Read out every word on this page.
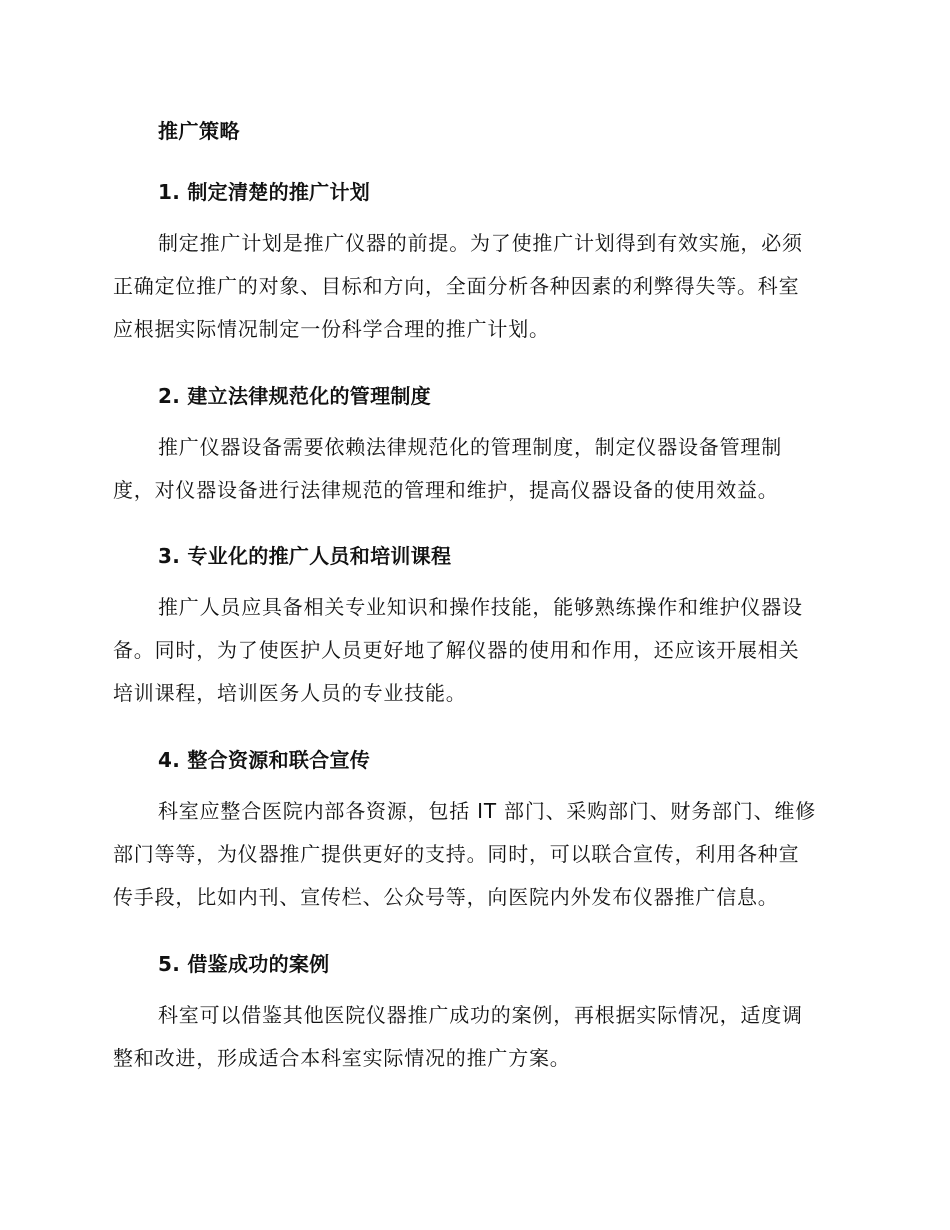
推广策略
1. 制定清楚的推广计划
制定推广计划是推广仪器的前提。为了使推广计划得到有效实施，必须
正确定位推广的对象、目标和方向，全面分析各种因素的利弊得失等。科室
应根据实际情况制定一份科学合理的推广计划。
2. 建立法律规范化的管理制度
推广仪器设备需要依赖法律规范化的管理制度，制定仪器设备管理制
度，对仪器设备进行法律规范的管理和维护，提高仪器设备的使用效益。
3. 专业化的推广人员和培训课程
推广人员应具备相关专业知识和操作技能，能够熟练操作和维护仪器设
备。同时，为了使医护人员更好地了解仪器的使用和作用，还应该开展相关
培训课程，培训医务人员的专业技能。
4. 整合资源和联合宣传
科室应整合医院内部各资源，包括 IT 部门、采购部门、财务部门、维修
部门等等，为仪器推广提供更好的支持。同时，可以联合宣传，利用各种宣
传手段，比如内刊、宣传栏、公众号等，向医院内外发布仪器推广信息。
5. 借鉴成功的案例
科室可以借鉴其他医院仪器推广成功的案例，再根据实际情况，适度调
整和改进，形成适合本科室实际情况的推广方案。
